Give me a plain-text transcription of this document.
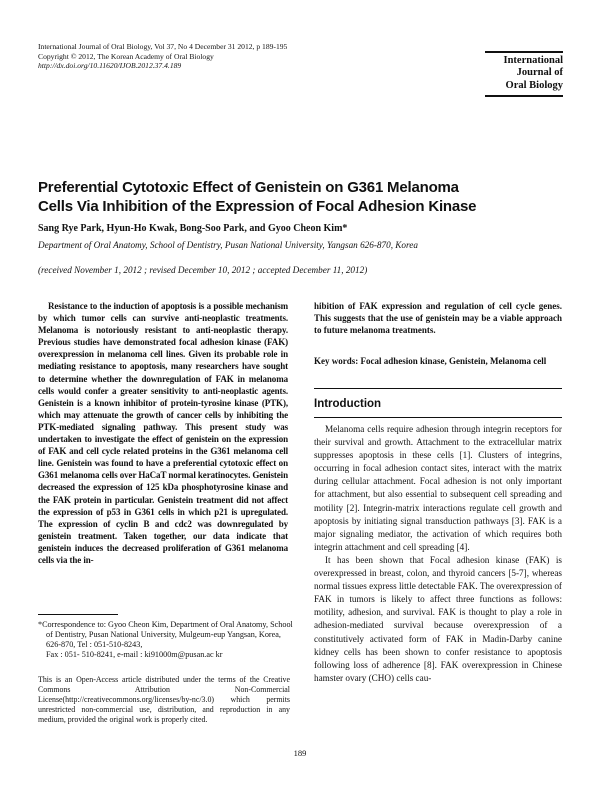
International Journal of Oral Biology, Vol 37, No 4 December 31 2012, p 189-195
Copyright © 2012, The Korean Academy of Oral Biology
http://dx.doi.org/10.11620/IJOB.2012.37.4.189	International
Journal of
Oral Biology
Preferential Cytotoxic Effect of Genistein on G361 Melanoma
Cells Via Inhibition of the Expression of Focal Adhesion Kinase
Sang Rye Park, Hyun-Ho Kwak, Bong-Soo Park, and Gyoo Cheon Kim*
Department of Oral Anatomy, School of Dentistry, Pusan National University, Yangsan 626-870, Korea
(received November 1, 2012 ; revised December 10, 2012 ; accepted December 11, 2012)

Resistance to the induction of apoptosis is a possible mechanism by which tumor cells can survive anti-neoplastic treatments. Melanoma is notoriously resistant to anti-neoplastic therapy. Previous studies have demonstrated focal adhesion kinase (FAK) overexpression in melanoma cell lines. Given its probable role in mediating resistance to apoptosis, many researchers have sought to determine whether the downregulation of FAK in melanoma cells would confer a greater sensitivity to anti-neoplastic agents. Genistein is a known inhibitor of protein-tyrosine kinase (PTK), which may attenuate the growth of cancer cells by inhibiting the PTK-mediated signaling pathway. This present study was undertaken to investigate the effect of genistein on the expression of FAK and cell cycle related proteins in the G361 melanoma cell line. Genistein was found to have a preferential cytotoxic effect on G361 melanoma cells over HaCaT normal keratinocytes. Genistein decreased the expression of 125 kDa phosphotyrosine kinase and the FAK protein in particular. Genistein treatment did not affect the expression of p53 in G361 cells in which p21 is upregulated. The expression of cyclin B and cdc2 was downregulated by genistein treatment. Taken together, our data indicate that genistein induces the decreased proliferation of G361 melanoma cells via the in-

*Correspondence to: Gyoo Cheon Kim, Department of Oral Anatomy, School of Dentistry, Pusan National University, Mulgeum-eup Yangsan, Korea, 626-870, Tel : 051-510-8243,
Fax : 051- 510-8241, e-mail : ki91000m@pusan.ac kr
This is an Open-Access article distributed under the terms of the Creative Commons Attribution Non-Commercial License(http://creativecommons.org/licenses/by-nc/3.0) which permits unrestricted non-commercial use, distribution, and reproduction in any medium, provided the original work is properly cited.

hibition of FAK expression and regulation of cell cycle genes. This suggests that the use of genistein may be a viable approach to future melanoma treatments.

Key words: Focal adhesion kinase, Genistein, Melanoma cell
Introduction

Melanoma cells require adhesion through integrin receptors for their survival and growth. Attachment to the extracellular matrix suppresses apoptosis in these cells [1]. Clusters of integrins, occurring in focal adhesion contact sites, interact with the matrix during cellular attachment. Focal adhesion is not only important for attachment, but also essential to subsequent cell spreading and motility [2]. Integrin-matrix interactions regulate cell growth and apoptosis by initiating signal transduction pathways [3]. FAK is a major signaling mediator, the activation of which requires both integrin attachment and cell spreading [4].

It has been shown that Focal adhesion kinase (FAK) is overexpressed in breast, colon, and thyroid cancers [5-7], whereas normal tissues express little detectable FAK. The overexpression of FAK in tumors is likely to affect three functions as follows: motility, adhesion, and survival. FAK is thought to play a role in adhesion-mediated survival because overexpression of a constitutively activated form of FAK in Madin-Darby canine kidney cells has been shown to confer resistance to apoptosis following loss of adherence [8]. FAK overexpression in Chinese hamster ovary (CHO) cells cau-

189
